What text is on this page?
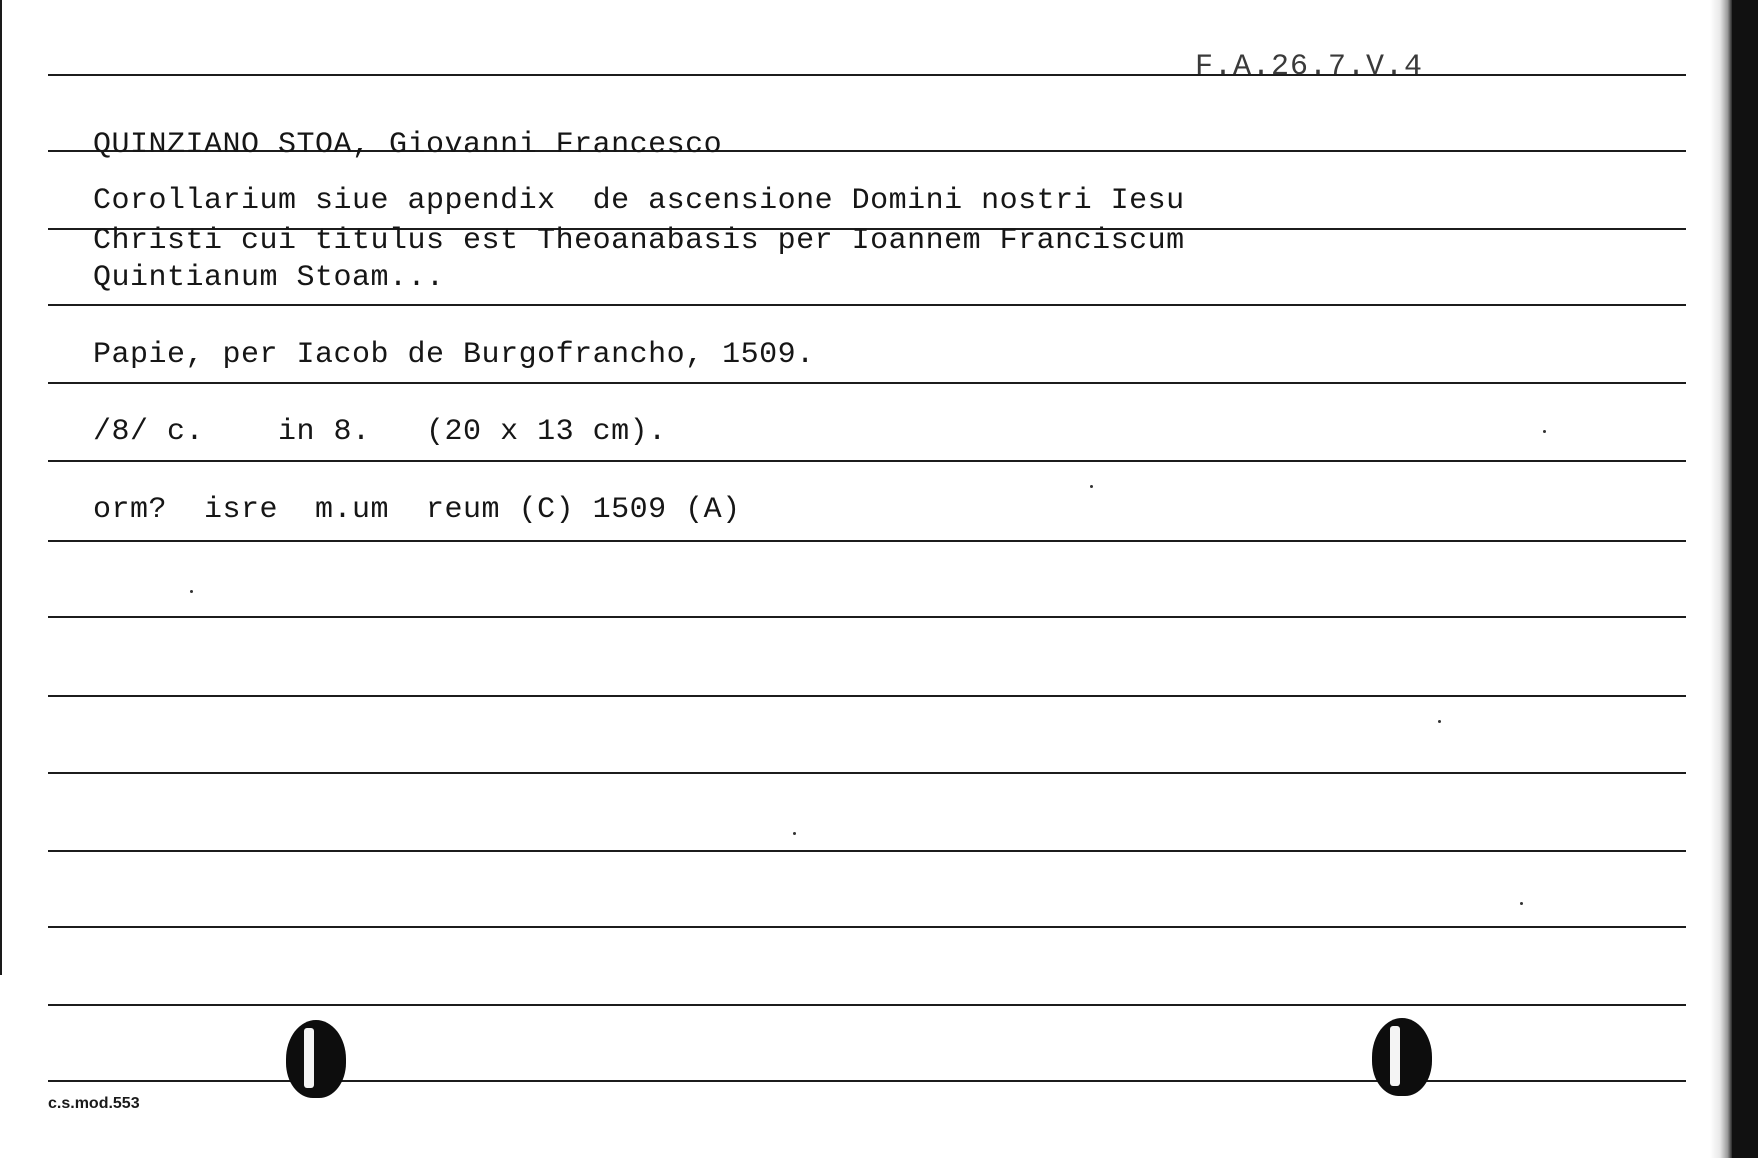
F.A.26.7.V.4
QUINZIANO STOA, Giovanni Francesco
Corollarium siue appendix  de ascensione Domini nostri Iesu
Christi cui titulus est Theoanabasis per Ioannem Franciscum
Quintianum Stoam...
Papie, per Iacob de Burgofrancho, 1509.
/8/ c.    in 8.   (20 x 13 cm).
orm?  isre  m.um  reum (C) 1509 (A)
c.s.mod.553
